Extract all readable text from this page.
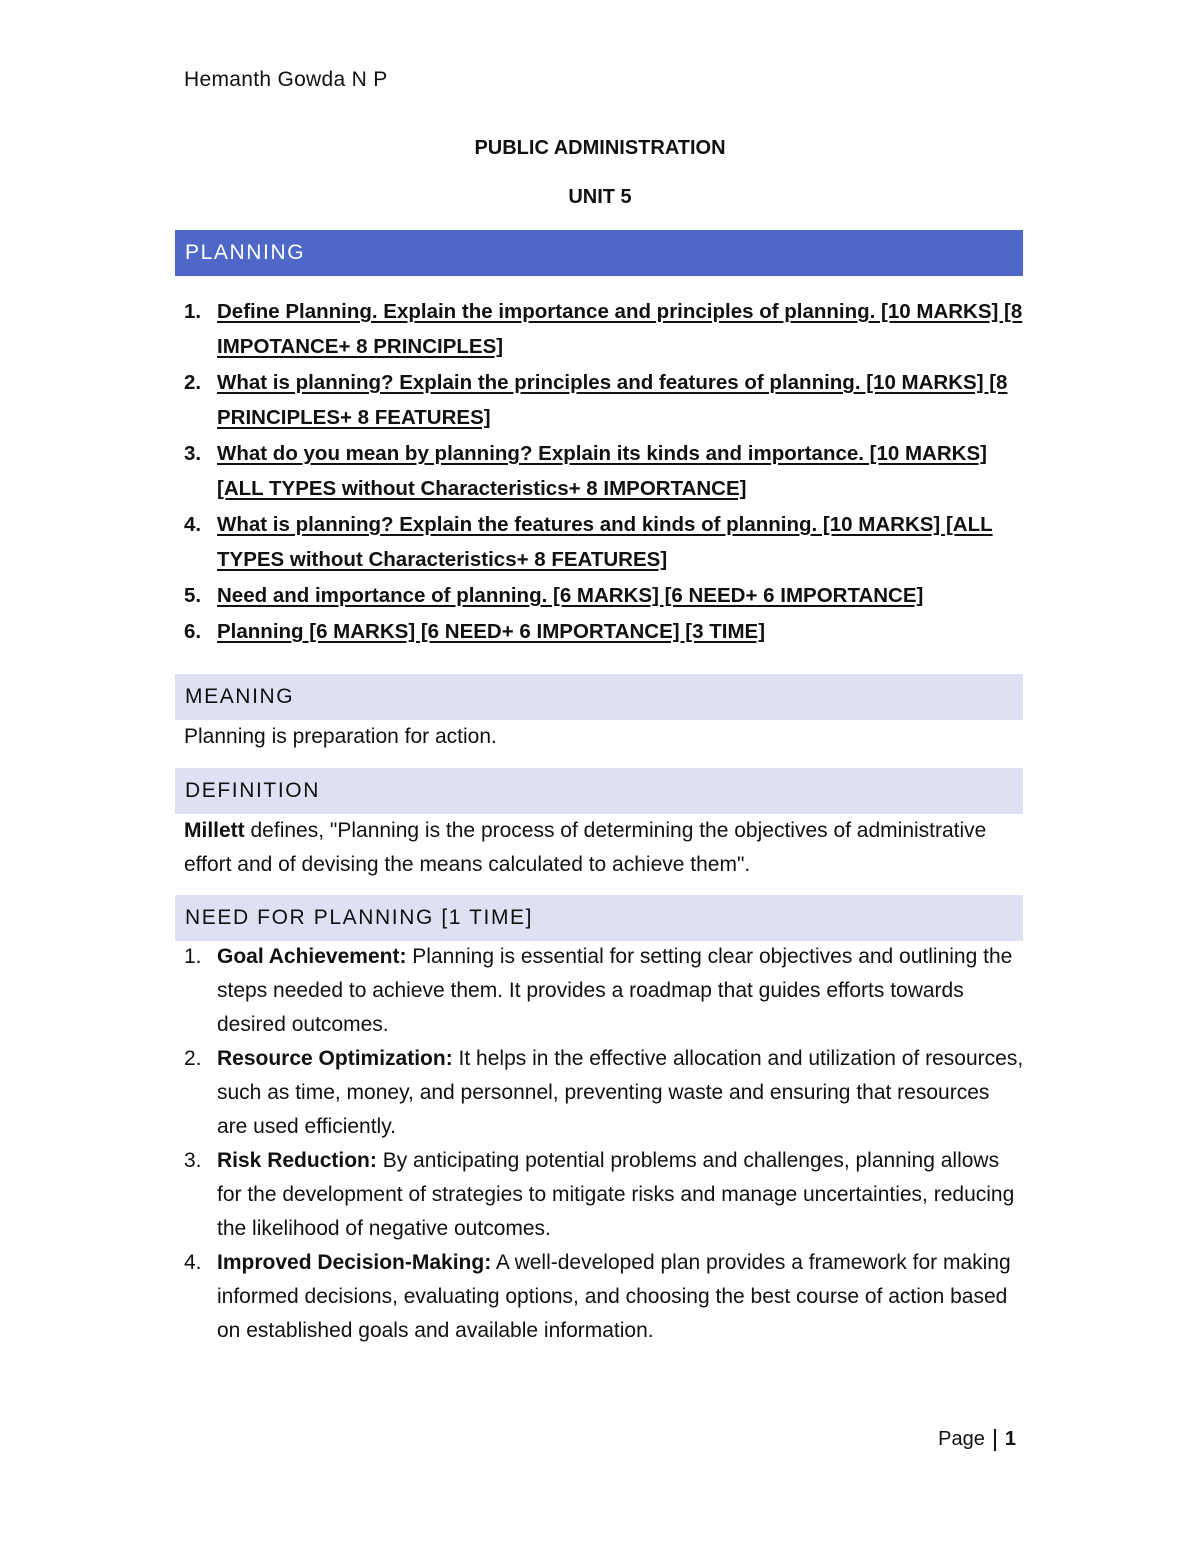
Hemanth Gowda N P
PUBLIC ADMINISTRATION
UNIT 5
PLANNING
1. Define Planning. Explain the importance and principles of planning. [10 MARKS] [8 IMPOTANCE+ 8 PRINCIPLES]
2. What is planning? Explain the principles and features of planning. [10 MARKS] [8 PRINCIPLES+ 8 FEATURES]
3. What do you mean by planning? Explain its kinds and importance. [10 MARKS] [ALL TYPES without Characteristics+ 8 IMPORTANCE]
4. What is planning? Explain the features and kinds of planning. [10 MARKS] [ALL TYPES without Characteristics+ 8 FEATURES]
5. Need and importance of planning. [6 MARKS] [6 NEED+ 6 IMPORTANCE]
6. Planning [6 MARKS] [6 NEED+ 6 IMPORTANCE] [3 TIME]
MEANING
Planning is preparation for action.
DEFINITION
Millett defines, "Planning is the process of determining the objectives of administrative effort and of devising the means calculated to achieve them".
NEED FOR PLANNING [1 TIME]
1. Goal Achievement: Planning is essential for setting clear objectives and outlining the steps needed to achieve them. It provides a roadmap that guides efforts towards desired outcomes.
2. Resource Optimization: It helps in the effective allocation and utilization of resources, such as time, money, and personnel, preventing waste and ensuring that resources are used efficiently.
3. Risk Reduction: By anticipating potential problems and challenges, planning allows for the development of strategies to mitigate risks and manage uncertainties, reducing the likelihood of negative outcomes.
4. Improved Decision-Making: A well-developed plan provides a framework for making informed decisions, evaluating options, and choosing the best course of action based on established goals and available information.
Page 1
